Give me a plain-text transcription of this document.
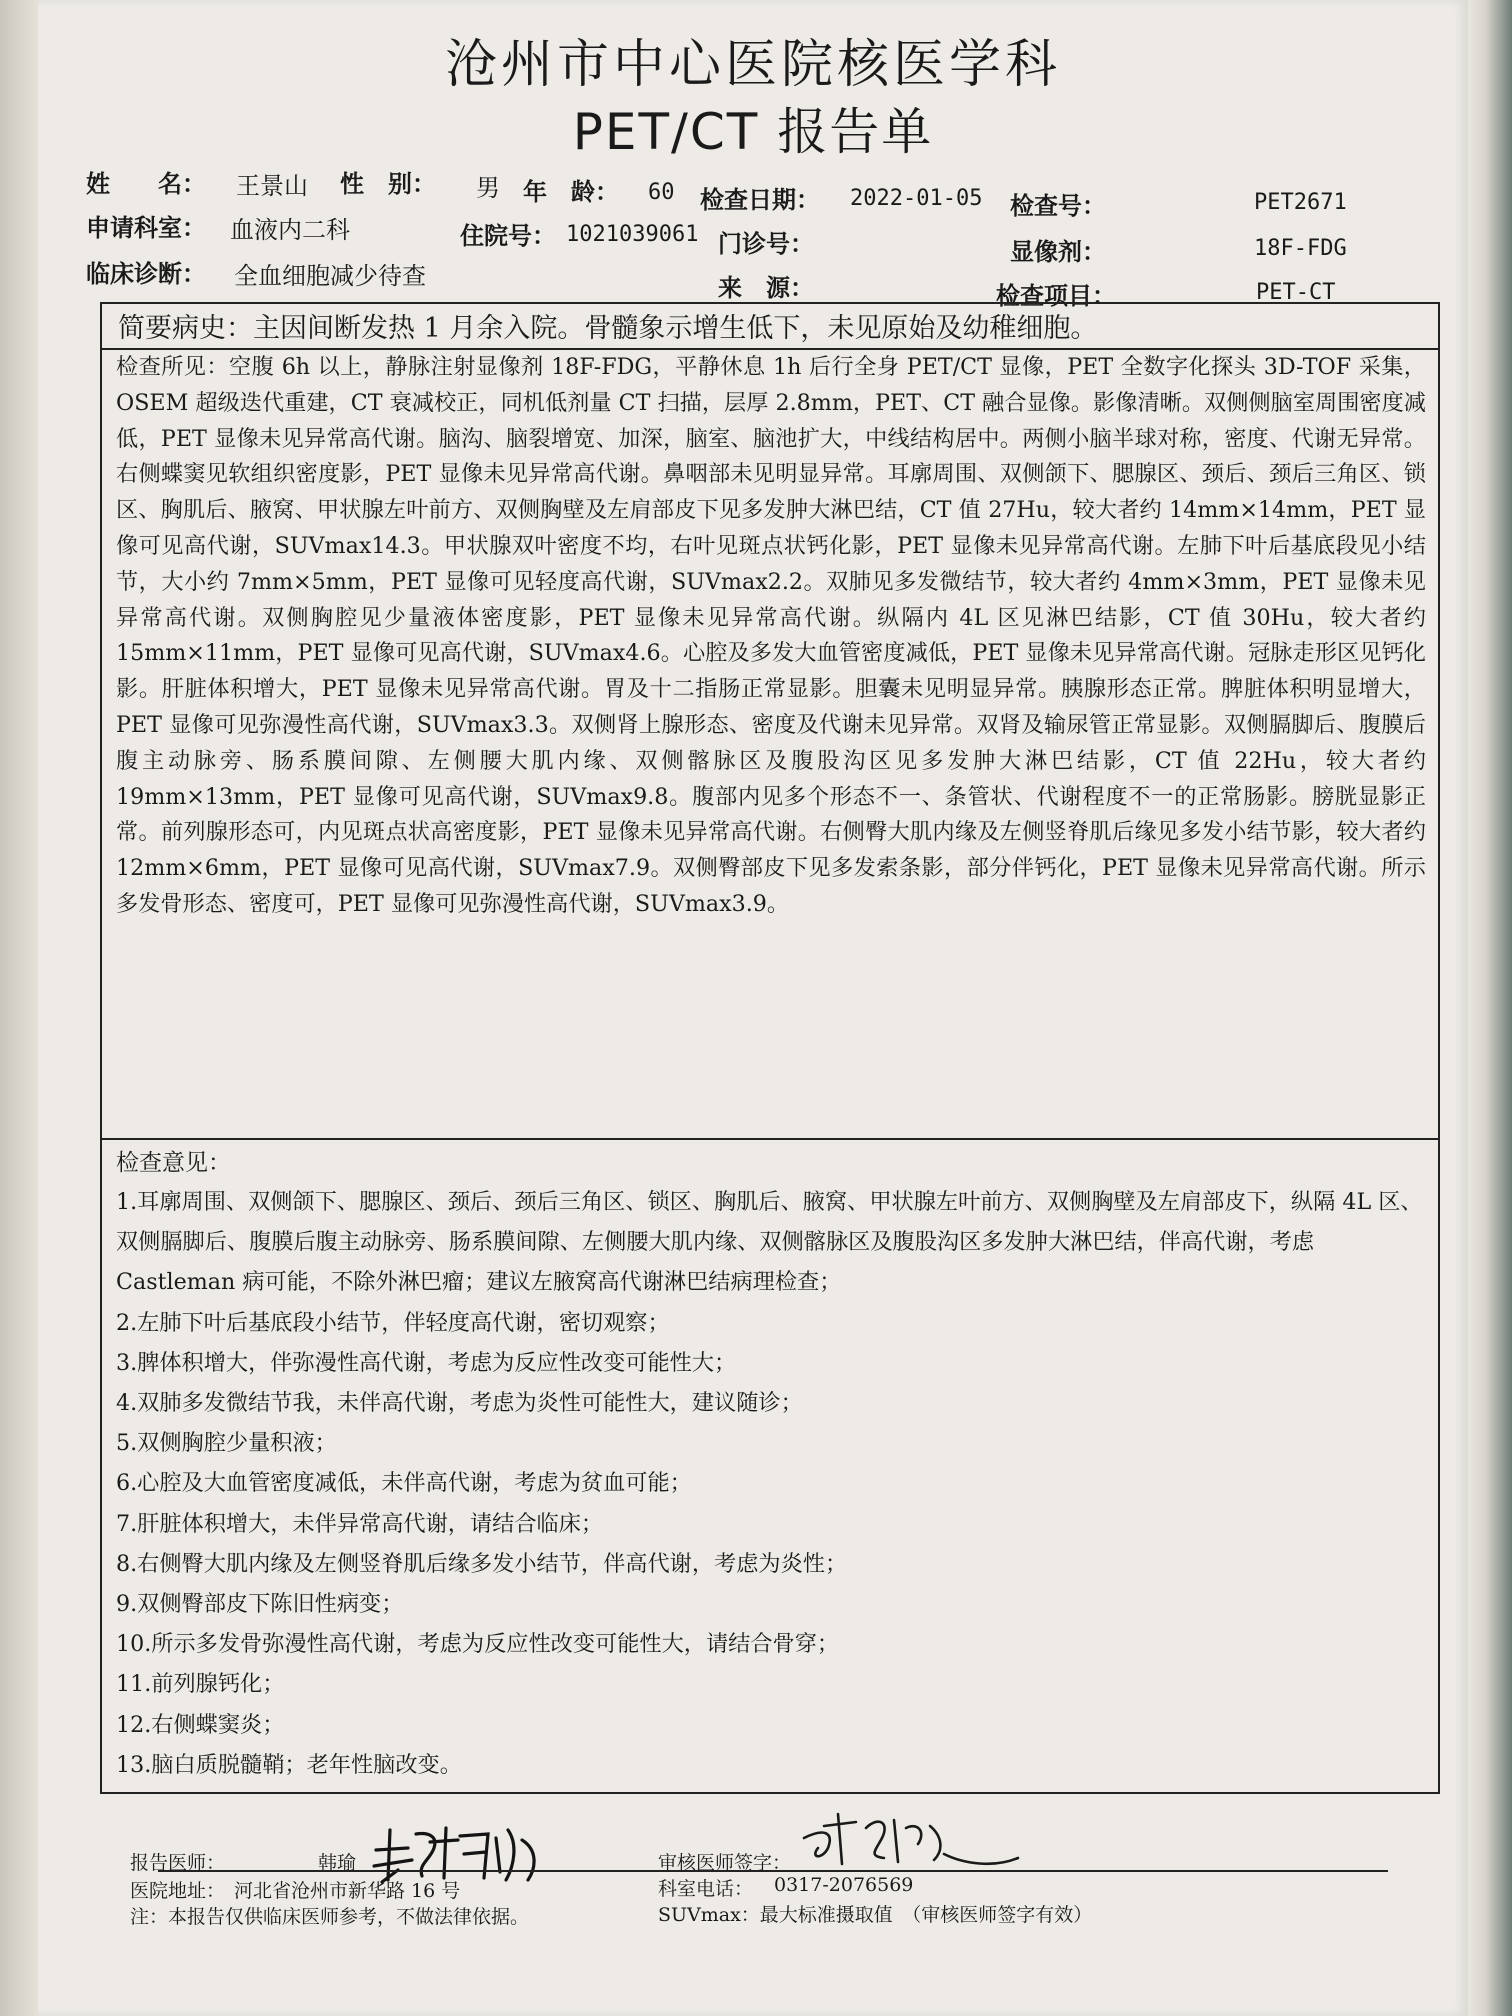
沧州市中心医院核医学科
PET/CT 报告单
姓　　名： 王景山 性　别： 男 年　龄： 60 检查日期： 2022-01-05 检查号：	PET2671
申请科室： 血液内二科	住院号： 1021039061 门诊号：	显像剂：	18F-FDG
临床诊断： 全血细胞减少待查	来　源：	检查项目：	PET-CT
简要病史：主因间断发热 1 月余入院。骨髓象示增生低下，未见原始及幼稚细胞。
检查所见：空腹 6h 以上，静脉注射显像剂 18F-FDG，平静休息 1h 后行全身 PET/CT 显像，PET 全数字化探头 3D-TOF 采集，OSEM 超级迭代重建，CT 衰减校正，同机低剂量 CT 扫描，层厚 2.8mm，PET、CT 融合显像。影像清晰。双侧侧脑室周围密度减低，PET 显像未见异常高代谢。脑沟、脑裂增宽、加深，脑室、脑池扩大，中线结构居中。两侧小脑半球对称，密度、代谢无异常。右侧蝶窦见软组织密度影，PET 显像未见异常高代谢。鼻咽部未见明显异常。耳廓周围、双侧颌下、腮腺区、颈后、颈后三角区、锁区、胸肌后、腋窝、甲状腺左叶前方、双侧胸壁及左肩部皮下见多发肿大淋巴结，CT 值 27Hu，较大者约 14mm×14mm，PET 显像可见高代谢，SUVmax14.3。甲状腺双叶密度不均，右叶见斑点状钙化影，PET 显像未见异常高代谢。左肺下叶后基底段见小结节，大小约 7mm×5mm，PET 显像可见轻度高代谢，SUVmax2.2。双肺见多发微结节，较大者约 4mm×3mm，PET 显像未见异常高代谢。双侧胸腔见少量液体密度影，PET 显像未见异常高代谢。纵隔内 4L 区见淋巴结影，CT 值 30Hu，较大者约 15mm×11mm，PET 显像可见高代谢，SUVmax4.6。心腔及多发大血管密度减低，PET 显像未见异常高代谢。冠脉走形区见钙化影。肝脏体积增大，PET 显像未见异常高代谢。胃及十二指肠正常显影。胆囊未见明显异常。胰腺形态正常。脾脏体积明显增大，PET 显像可见弥漫性高代谢，SUVmax3.3。双侧肾上腺形态、密度及代谢未见异常。双肾及输尿管正常显影。双侧膈脚后、腹膜后腹主动脉旁、肠系膜间隙、左侧腰大肌内缘、双侧髂脉区及腹股沟区见多发肿大淋巴结影，CT 值 22Hu，较大者约 19mm×13mm，PET 显像可见高代谢，SUVmax9.8。腹部内见多个形态不一、条管状、代谢程度不一的正常肠影。膀胱显影正常。前列腺形态可，内见斑点状高密度影，PET 显像未见异常高代谢。右侧臀大肌内缘及左侧竖脊肌后缘见多发小结节影，较大者约 12mm×6mm，PET 显像可见高代谢，SUVmax7.9。双侧臀部皮下见多发索条影，部分伴钙化，PET 显像未见异常高代谢。所示多发骨形态、密度可，PET 显像可见弥漫性高代谢，SUVmax3.9。
检查意见：
1.耳廓周围、双侧颌下、腮腺区、颈后、颈后三角区、锁区、胸肌后、腋窝、甲状腺左叶前方、双侧胸壁及左肩部皮下，纵隔 4L 区、双侧膈脚后、腹膜后腹主动脉旁、肠系膜间隙、左侧腰大肌内缘、双侧髂脉区及腹股沟区多发肿大淋巴结，伴高代谢，考虑 Castleman 病可能，不除外淋巴瘤；建议左腋窝高代谢淋巴结病理检查；
2.左肺下叶后基底段小结节，伴轻度高代谢，密切观察；
3.脾体积增大，伴弥漫性高代谢，考虑为反应性改变可能性大；
4.双肺多发微结节我，未伴高代谢，考虑为炎性可能性大，建议随诊；
5.双侧胸腔少量积液；
6.心腔及大血管密度减低，未伴高代谢，考虑为贫血可能；
7.肝脏体积增大，未伴异常高代谢，请结合临床；
8.右侧臀大肌内缘及左侧竖脊肌后缘多发小结节，伴高代谢，考虑为炎性；
9.双侧臀部皮下陈旧性病变；
10.所示多发骨弥漫性高代谢，考虑为反应性改变可能性大，请结合骨穿；
11.前列腺钙化；
12.右侧蝶窦炎；
13.脑白质脱髓鞘；老年性脑改变。
报告医师：	韩瑜	审核医师签字：
医院地址： 河北省沧州市新华路 16 号	科室电话： 0317-2076569
注：本报告仅供临床医师参考，不做法律依据。	SUVmax：最大标准摄取值　（审核医师签字有效）
